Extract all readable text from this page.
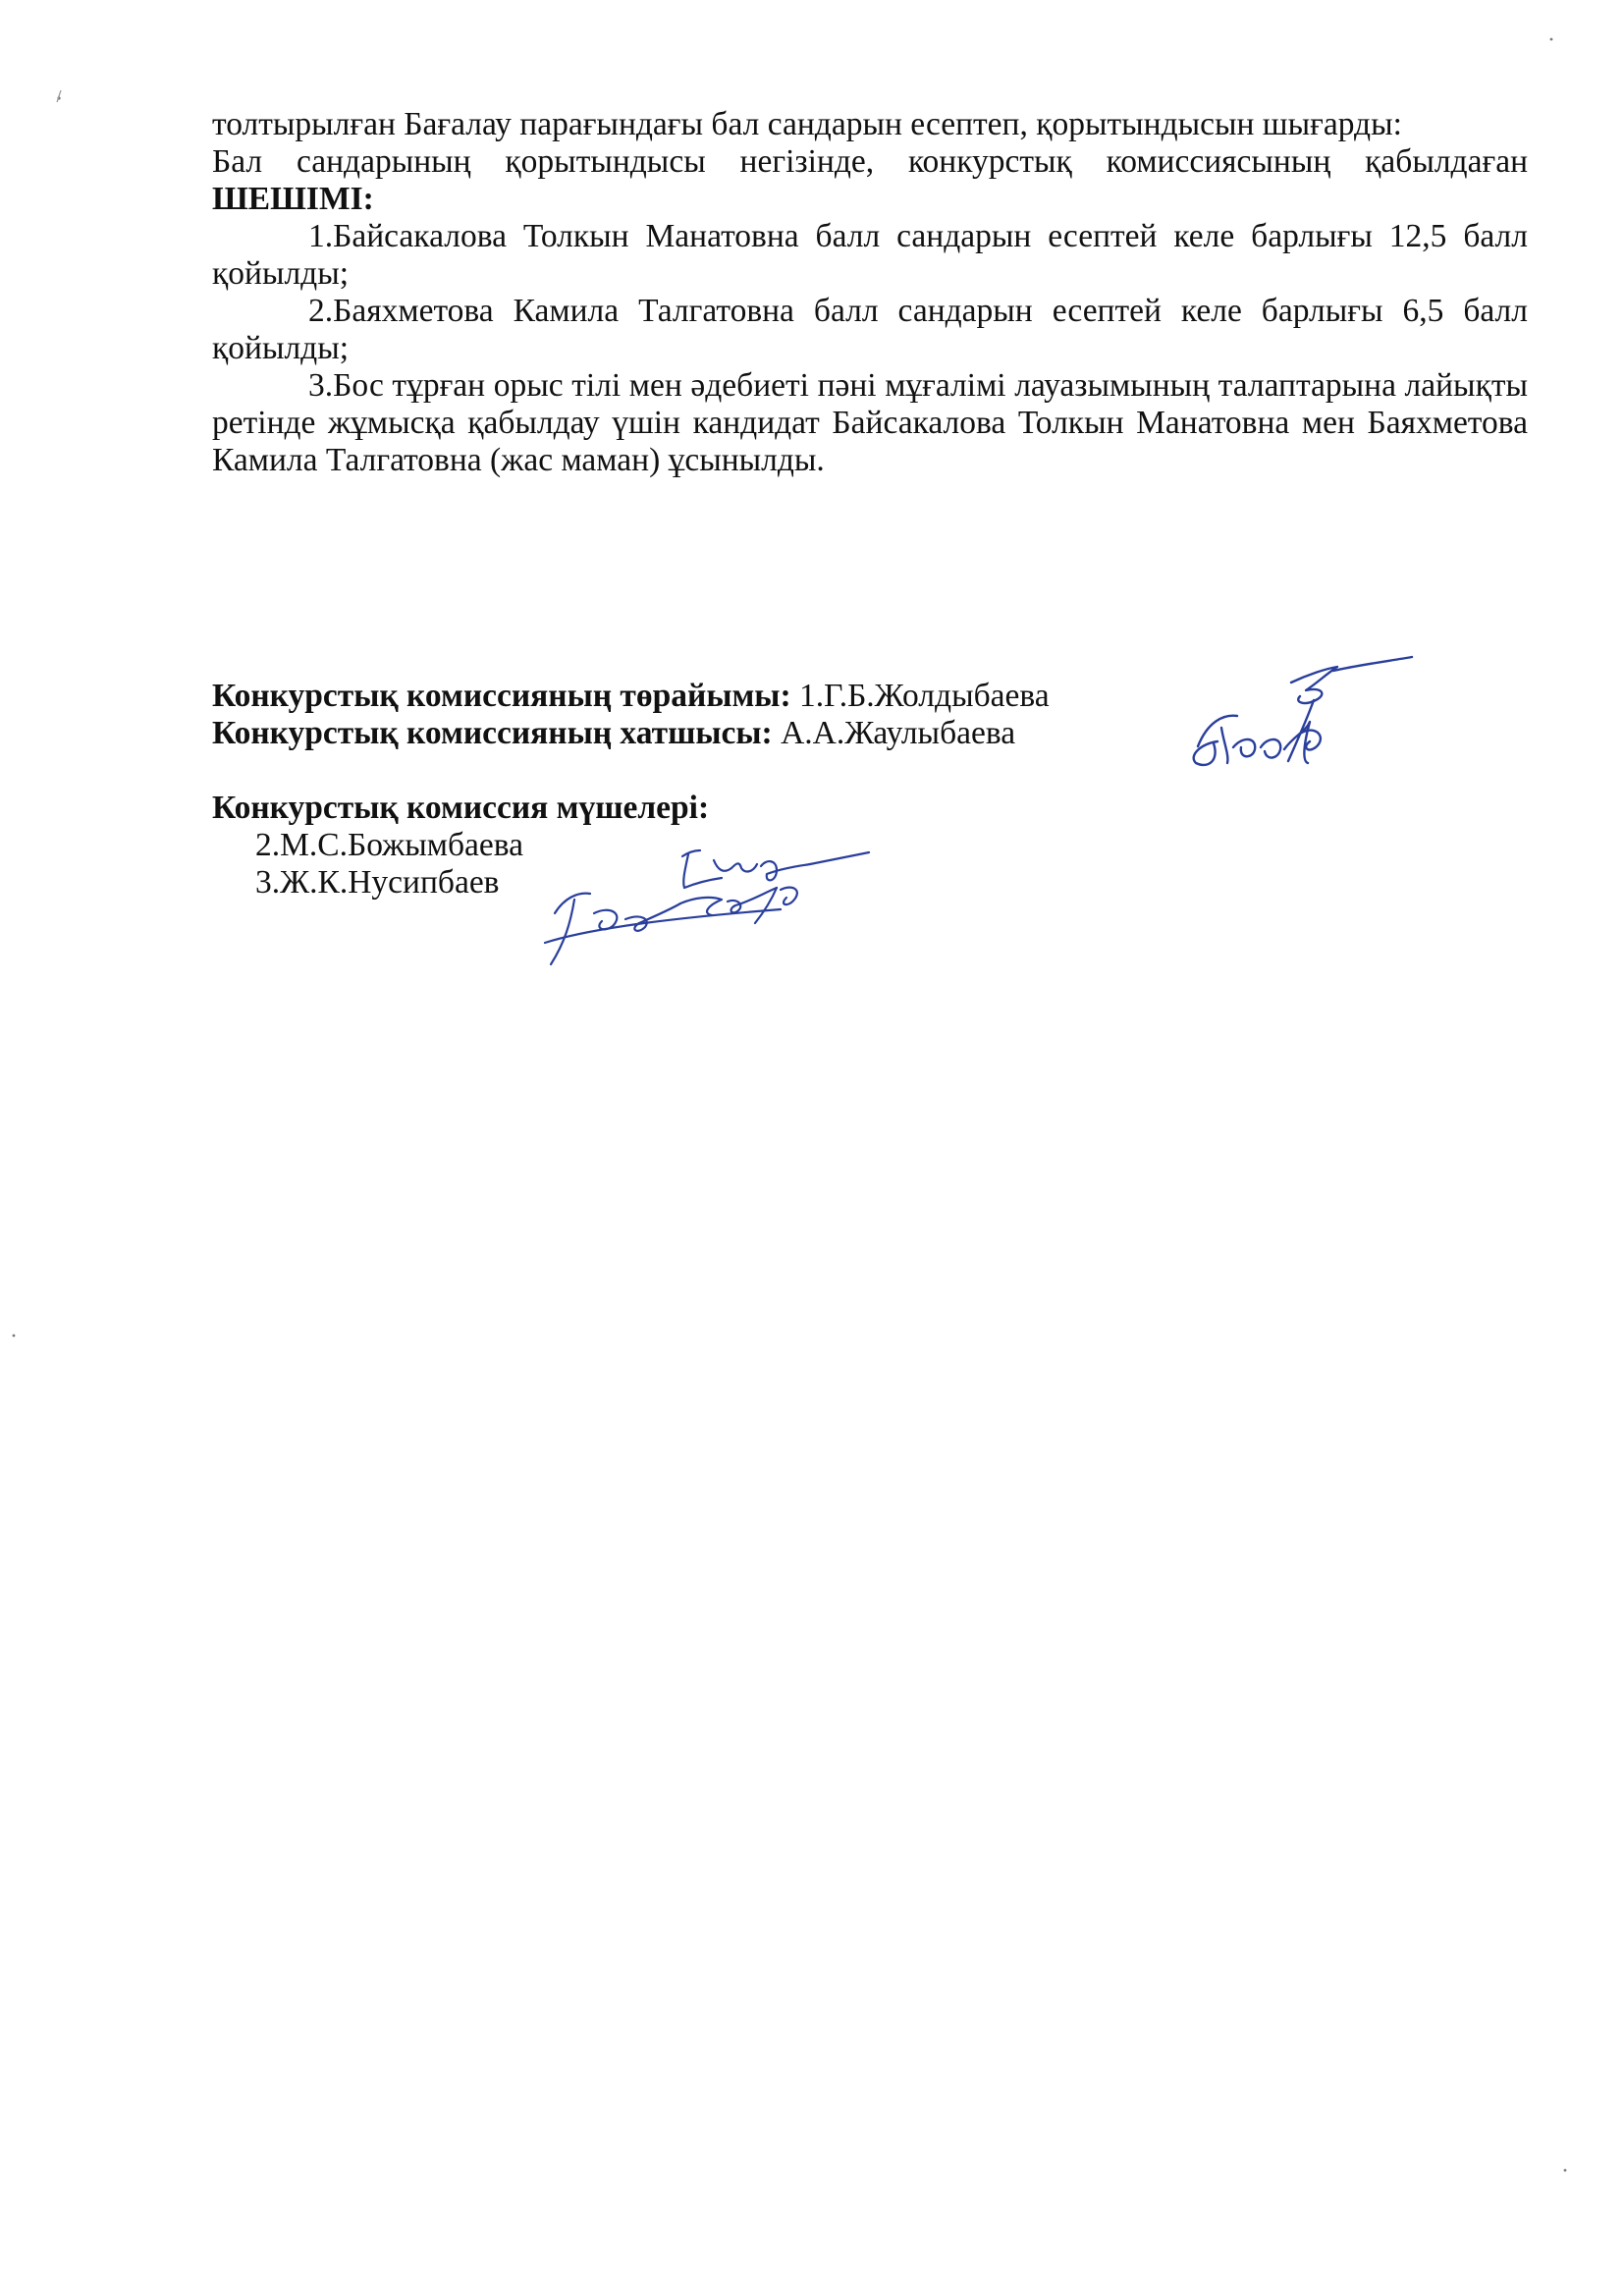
толтырылған Бағалау парағындағы бал сандарын есептеп, қорытындысын шығарды:

Бал сандарының қорытындысы негізінде, конкурстық комиссиясының қабылдаған ШЕШІМІ:

1.Байсакалова Толкын Манатовна балл сандарын есептей келе барлығы 12,5 балл қойылды;

2.Баяхметова Камила Талгатовна балл сандарын есептей келе барлығы 6,5 балл қойылды;

3.Бос тұрған орыс тілі мен әдебиеті пәні мұғалімі лауазымының талаптарына лайықты ретінде жұмысқа қабылдау үшін кандидат Байсакалова Толкын Манатовна мен Баяхметова Камила Талгатовна (жас маман) ұсынылды.

Конкурстық комиссияның төрайымы: 1.Г.Б.Жолдыбаева

Конкурстық комиссияның хатшысы: А.А.Жаулыбаева

Конкурстық комиссия мүшелері:

2.М.С.Божымбаева

3.Ж.К.Нусипбаев
